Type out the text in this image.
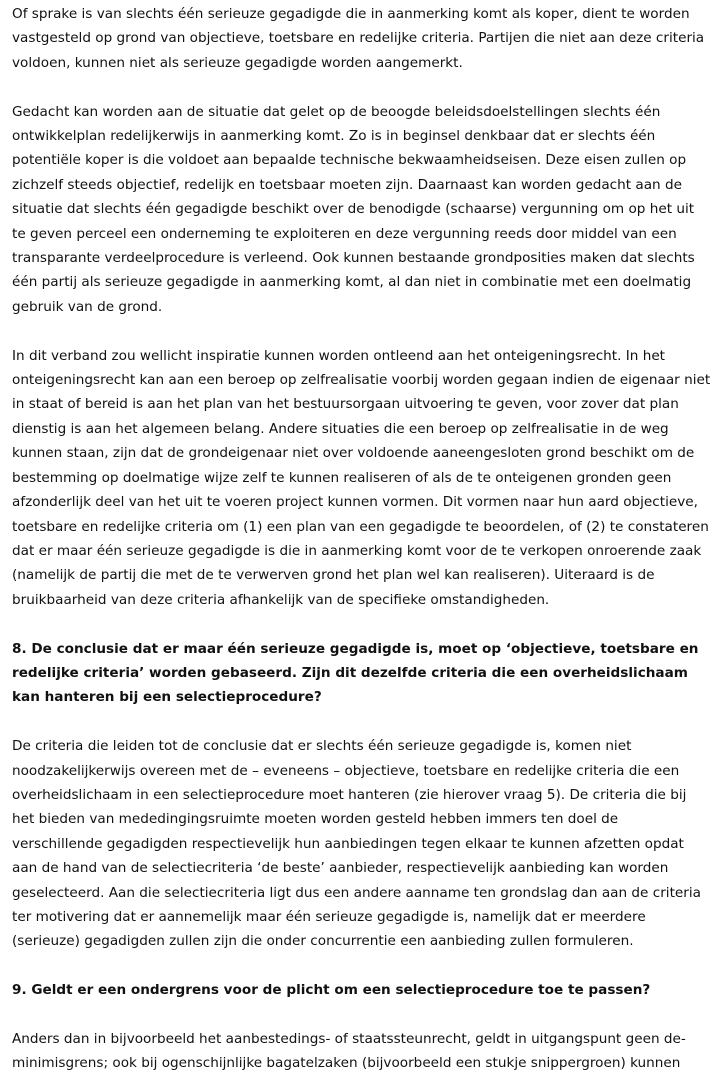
Of sprake is van slechts één serieuze gegadigde die in aanmerking komt als koper, dient te worden vastgesteld op grond van objectieve, toetsbare en redelijke criteria. Partijen die niet aan deze criteria voldoen, kunnen niet als serieuze gegadigde worden aangemerkt.

Gedacht kan worden aan de situatie dat gelet op de beoogde beleidsdoelstellingen slechts één ontwikkelplan redelijkerwijs in aanmerking komt. Zo is in beginsel denkbaar dat er slechts één potentiële koper is die voldoet aan bepaalde technische bekwaamheidseisen. Deze eisen zullen op zichzelf steeds objectief, redelijk en toetsbaar moeten zijn. Daarnaast kan worden gedacht aan de situatie dat slechts één gegadigde beschikt over de benodigde (schaarse) vergunning om op het uit te geven perceel een onderneming te exploiteren en deze vergunning reeds door middel van een transparante verdeelprocedure is verleend. Ook kunnen bestaande grondposities maken dat slechts één partij als serieuze gegadigde in aanmerking komt, al dan niet in combinatie met een doelmatig gebruik van de grond.

In dit verband zou wellicht inspiratie kunnen worden ontleend aan het onteigeningsrecht. In het onteigeningsrecht kan aan een beroep op zelfrealisatie voorbij worden gegaan indien de eigenaar niet in staat of bereid is aan het plan van het bestuursorgaan uitvoering te geven, voor zover dat plan dienstig is aan het algemeen belang. Andere situaties die een beroep op zelfrealisatie in de weg kunnen staan, zijn dat de grondeigenaar niet over voldoende aaneengesloten grond beschikt om de bestemming op doelmatige wijze zelf te kunnen realiseren of als de te onteigenen gronden geen afzonderlijk deel van het uit te voeren project kunnen vormen. Dit vormen naar hun aard objectieve, toetsbare en redelijke criteria om (1) een plan van een gegadigde te beoordelen, of (2) te constateren dat er maar één serieuze gegadigde is die in aanmerking komt voor de te verkopen onroerende zaak (namelijk de partij die met de te verwerven grond het plan wel kan realiseren). Uiteraard is de bruikbaarheid van deze criteria afhankelijk van de specifieke omstandigheden.

8. De conclusie dat er maar één serieuze gegadigde is, moet op ‘objectieve, toetsbare en redelijke criteria’ worden gebaseerd. Zijn dit dezelfde criteria die een overheidslichaam kan hanteren bij een selectieprocedure?

De criteria die leiden tot de conclusie dat er slechts één serieuze gegadigde is, komen niet noodzakelijkerwijs overeen met de – eveneens – objectieve, toetsbare en redelijke criteria die een overheidslichaam in een selectieprocedure moet hanteren (zie hierover vraag 5). De criteria die bij het bieden van mededingingsruimte moeten worden gesteld hebben immers ten doel de verschillende gegadigden respectievelijk hun aanbiedingen tegen elkaar te kunnen afzetten opdat aan de hand van de selectiecriteria ‘de beste’ aanbieder, respectievelijk aanbieding kan worden geselecteerd. Aan die selectiecriteria ligt dus een andere aanname ten grondslag dan aan de criteria ter motivering dat er aannemelijk maar één serieuze gegadigde is, namelijk dat er meerdere (serieuze) gegadigden zullen zijn die onder concurrentie een aanbieding zullen formuleren.

9. Geldt er een ondergrens voor de plicht om een selectieprocedure toe te passen?

Anders dan in bijvoorbeeld het aanbestedings- of staatssteunrecht, geldt in uitgangspunt geen de-minimisgrens; ook bij ogenschijnlijke bagatelzaken (bijvoorbeeld een stukje snippergroen) kunnen
